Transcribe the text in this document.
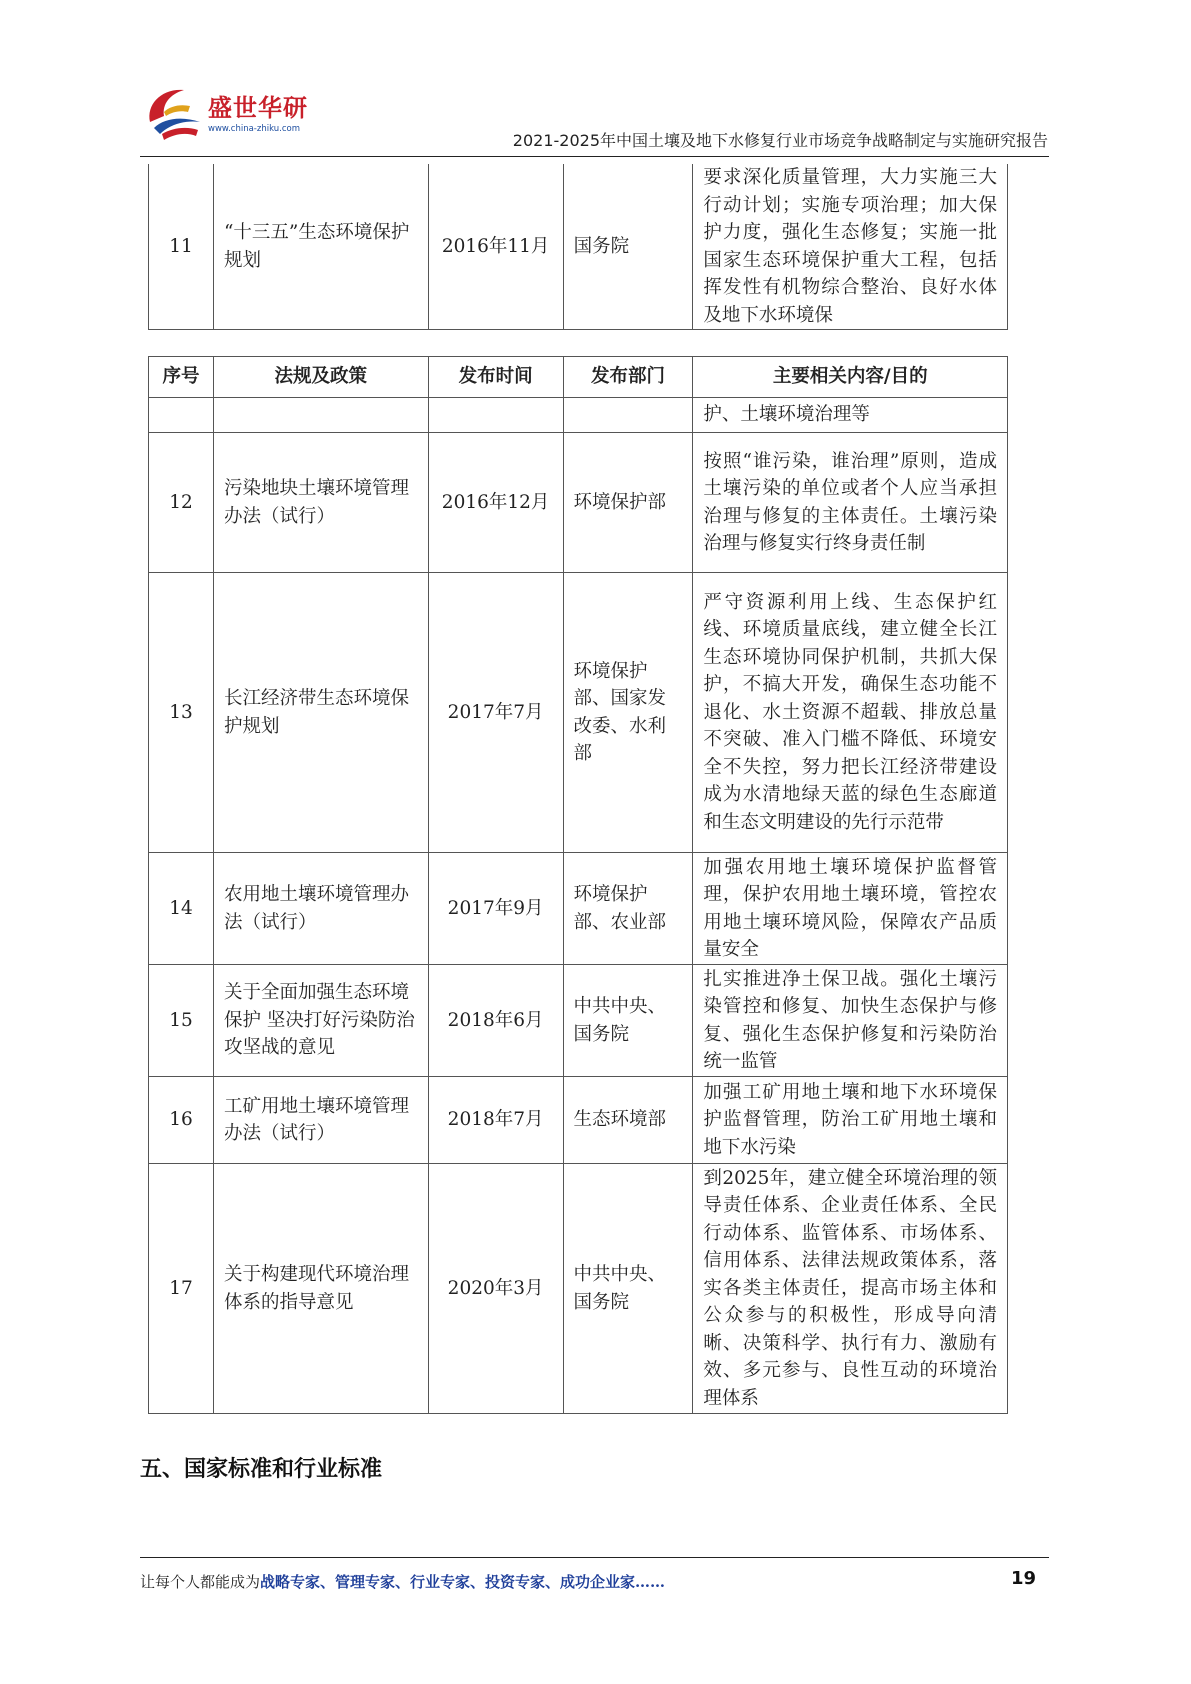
盛世华研
www.china-zhiku.com
2021-2025年中国土壤及地下水修复行业市场竞争战略制定与实施研究报告
11	“十三五”生态环境保护规划	2016年11月	国务院	要求深化质量管理，大力实施三大行动计划；实施专项治理；加大保护力度，强化生态修复；实施一批国家生态环境保护重大工程，包括挥发性有机物综合整治、良好水体及地下水环境保
序号	法规及政策	发布时间	发布部门	主要相关内容/目的
				护、土壤环境治理等
12	污染地块土壤环境管理办法（试行）	2016年12月	环境保护部	按照“谁污染，谁治理”原则，造成土壤污染的单位或者个人应当承担治理与修复的主体责任。土壤污染治理与修复实行终身责任制
13	长江经济带生态环境保护规划	2017年7月	环境保护部、国家发改委、水利部	严守资源利用上线、生态保护红线、环境质量底线，建立健全长江生态环境协同保护机制，共抓大保护，不搞大开发，确保生态功能不退化、水土资源不超载、排放总量不突破、准入门槛不降低、环境安全不失控，努力把长江经济带建设成为水清地绿天蓝的绿色生态廊道和生态文明建设的先行示范带
14	农用地土壤环境管理办法（试行）	2017年9月	环境保护部、农业部	加强农用地土壤环境保护监督管理，保护农用地土壤环境，管控农用地土壤环境风险，保障农产品质量安全
15	关于全面加强生态环境保护 坚决打好污染防治攻坚战的意见	2018年6月	中共中央、国务院	扎实推进净土保卫战。强化土壤污染管控和修复、加快生态保护与修复、强化生态保护修复和污染防治统一监管
16	工矿用地土壤环境管理办法（试行）	2018年7月	生态环境部	加强工矿用地土壤和地下水环境保护监督管理，防治工矿用地土壤和地下水污染
17	关于构建现代环境治理体系的指导意见	2020年3月	中共中央、国务院	到2025年，建立健全环境治理的领导责任体系、企业责任体系、全民行动体系、监管体系、市场体系、信用体系、法律法规政策体系，落实各类主体责任，提高市场主体和公众参与的积极性，形成导向清晰、决策科学、执行有力、激励有效、多元参与、良性互动的环境治理体系
五、国家标准和行业标准
让每个人都能成为战略专家、管理专家、行业专家、投资专家、成功企业家……	19
